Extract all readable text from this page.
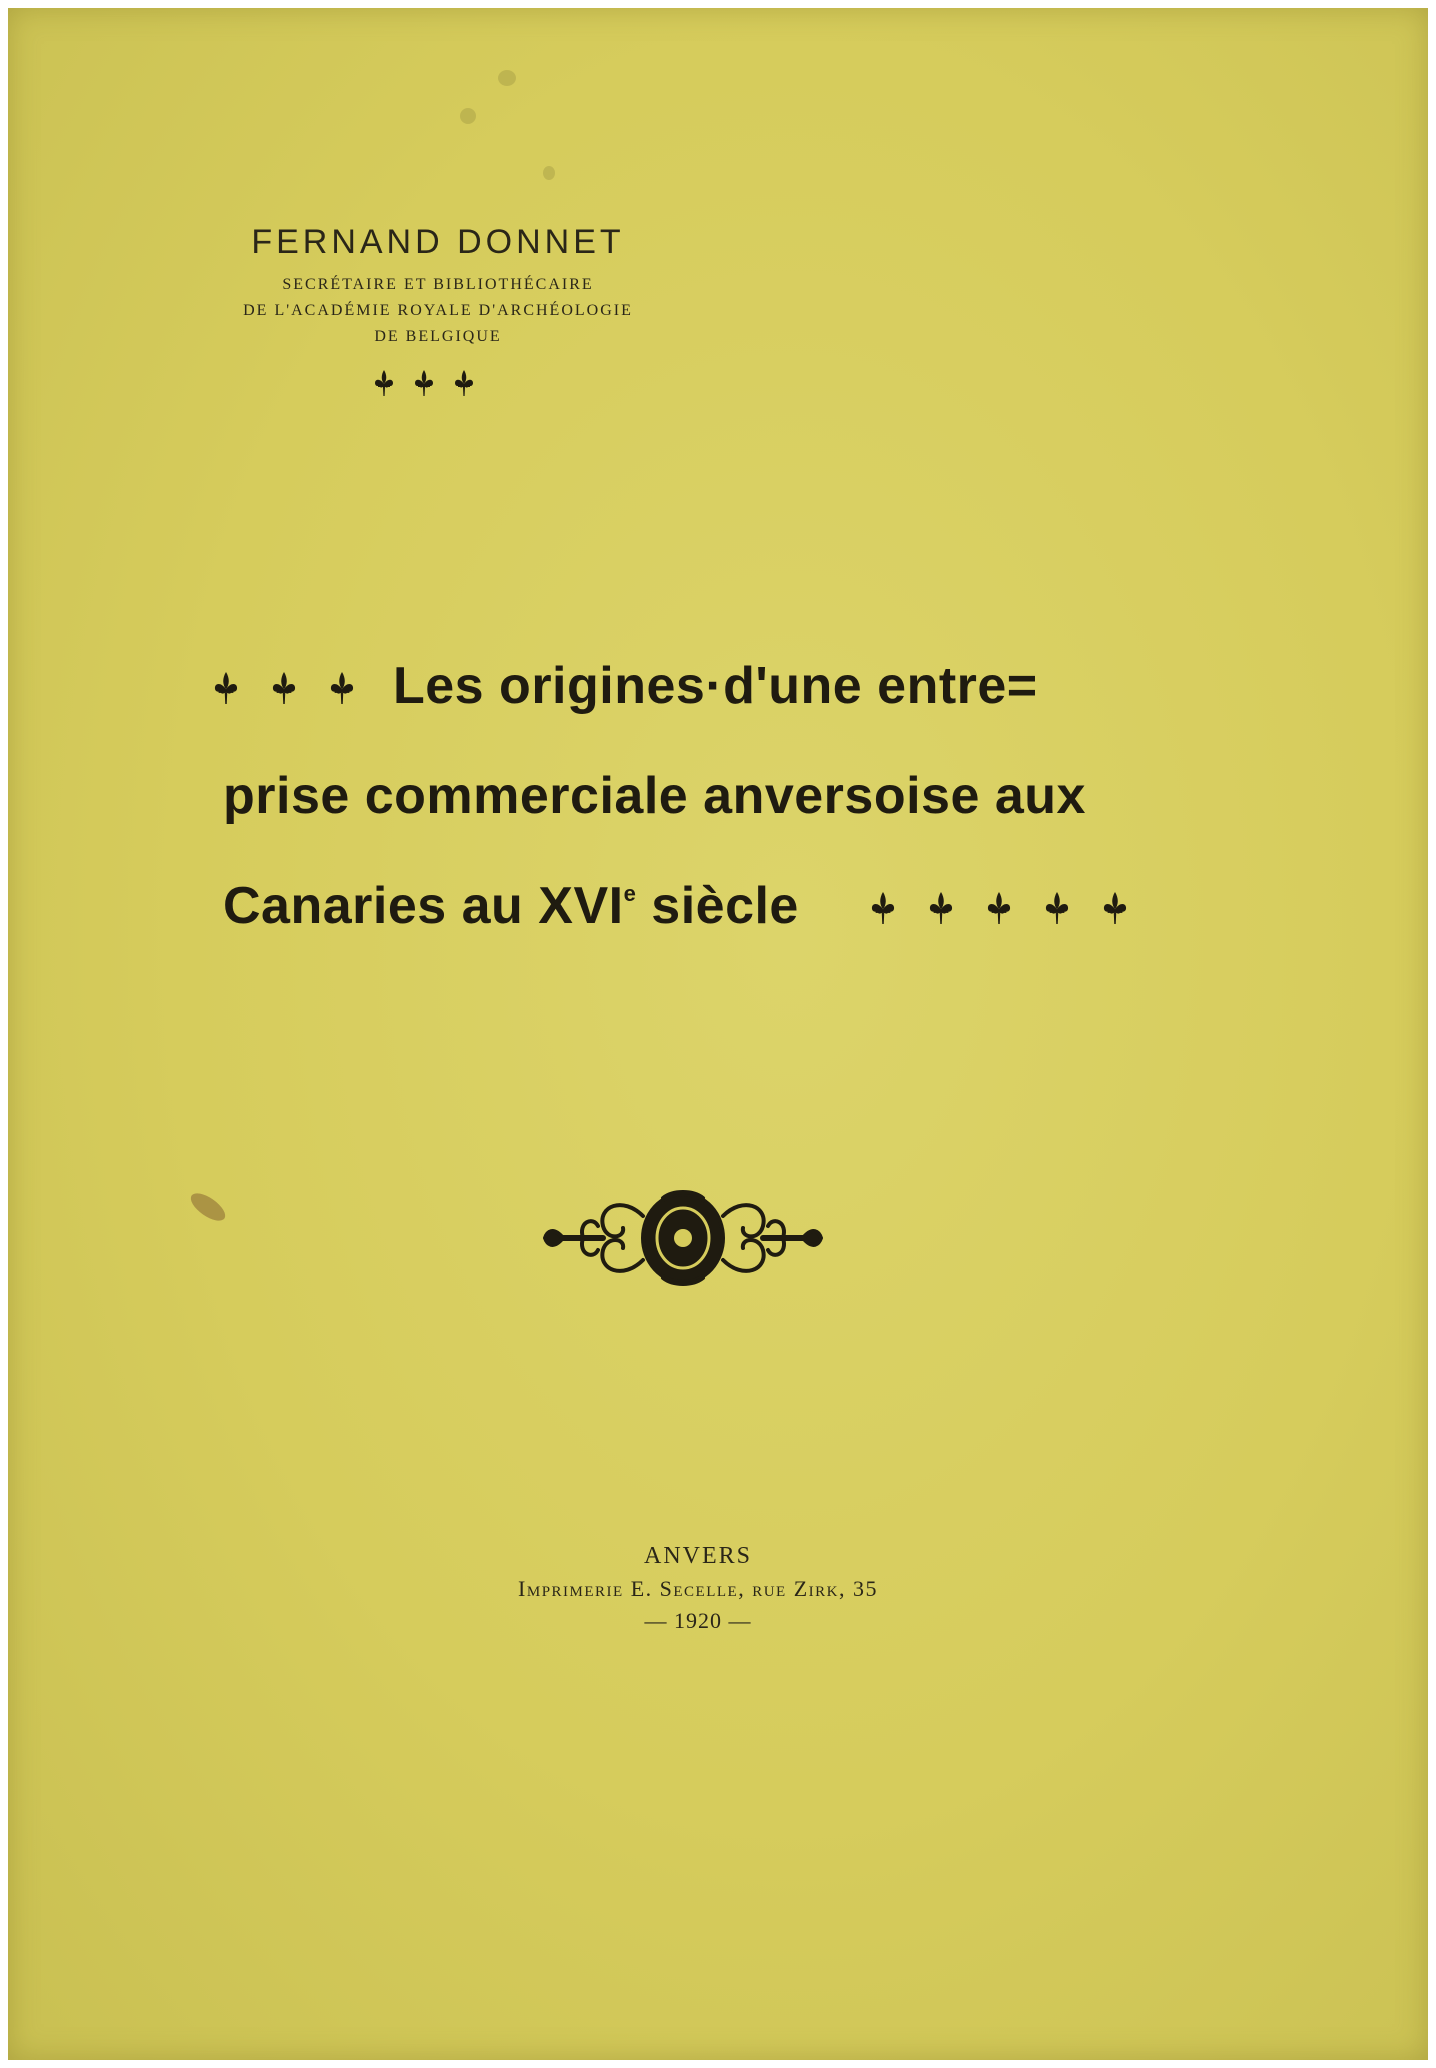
FERNAND DONNET

SECRÉTAIRE ET BIBLIOTHÉCAIRE

DE L'ACADÉMIE ROYALE D'ARCHÉOLOGIE

DE BELGIQUE

Les origines·d'une entre=
prise commerciale anversoise aux
Canaries au XVIe siècle

ANVERS

Imprimerie E. Secelle, rue Zirk, 35

— 1920 —
